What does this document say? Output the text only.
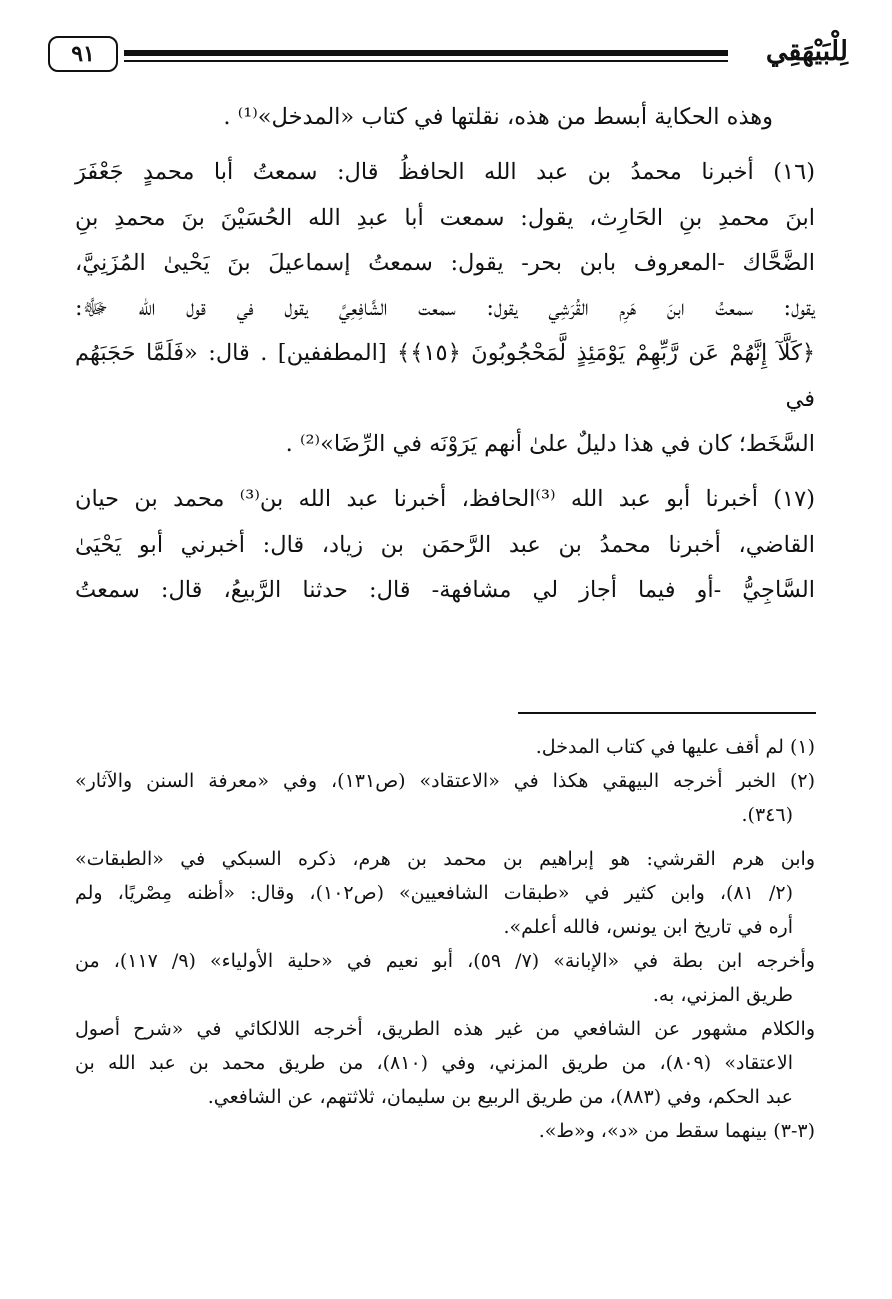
٩١	لِلْبَيْهَقِي

وهذه الحكاية أبسط من هذه، نقلتها في كتاب «المدخل»⁽¹⁾ .

(١٦) أخبرنا محمدُ بن عبد الله الحافظُ قال: سمعتُ أبا محمدٍ جَعْفَرَ

ابنَ محمدِ بنِ الحَارِث، يقول: سمعت أبا عبدِ الله الحُسَيْنَ بنَ محمدِ بنِ

الضَّحَّاك -المعروف بابن بحر- يقول: سمعتُ إسماعيلَ بنَ يَحْيىٰ المُزَنِيَّ،

يقول: سمعتُ ابنَ هَرِم القُرَشِي يقول: سمعت الشَّافِعِيَّ يقول في قول الله ﷻ:

﴿كَلَّآ إِنَّهُمْ عَن رَّبِّهِمْ يَوْمَئِذٍ لَّمَحْجُوبُونَ ﴿١٥﴾﴾ [المطففين] . قال: «فَلَمَّا حَجَبَهُم في

السَّخَط؛ كان في هذا دليلٌ علىٰ أنهم يَرَوْنَه في الرِّضَا»⁽²⁾ .

(١٧) أخبرنا أبو عبد الله ⁽³⁾الحافظ، أخبرنا عبد الله بن⁽³⁾ محمد بن حيان

القاضي، أخبرنا محمدُ بن عبد الرَّحمَن بن زياد، قال: أخبرني أبو يَحْيَىٰ

السَّاجِيُّ -أو فيما أجاز لي مشافهة- قال: حدثنا الرَّبيعُ، قال: سمعتُ

(١) لم أقف عليها في كتاب المدخل.

(٢) الخبر أخرجه البيهقي هكذا في «الاعتقاد» (ص١٣١)، وفي «معرفة السنن والآثار»

(٣٤٦).

وابن هرم القرشي: هو إبراهيم بن محمد بن هرم، ذكره السبكي في «الطبقات»

(٢/ ٨١)، وابن كثير في «طبقات الشافعيين» (ص١٠٢)، وقال: «أظنه مِصْريًا، ولم

أره في تاريخ ابن يونس، فالله أعلم».

وأخرجه ابن بطة في «الإبانة» (٧/ ٥٩)، أبو نعيم في «حلية الأولياء» (٩/ ١١٧)، من

طريق المزني، به.

والكلام مشهور عن الشافعي من غير هذه الطريق، أخرجه اللالكائي في «شرح أصول

الاعتقاد» (٨٠٩)، من طريق المزني، وفي (٨١٠)، من طريق محمد بن عبد الله بن

عبد الحكم، وفي (٨٨٣)، من طريق الربيع بن سليمان، ثلاثتهم، عن الشافعي.

(٣-٣) بينهما سقط من «د»، و«ط».
